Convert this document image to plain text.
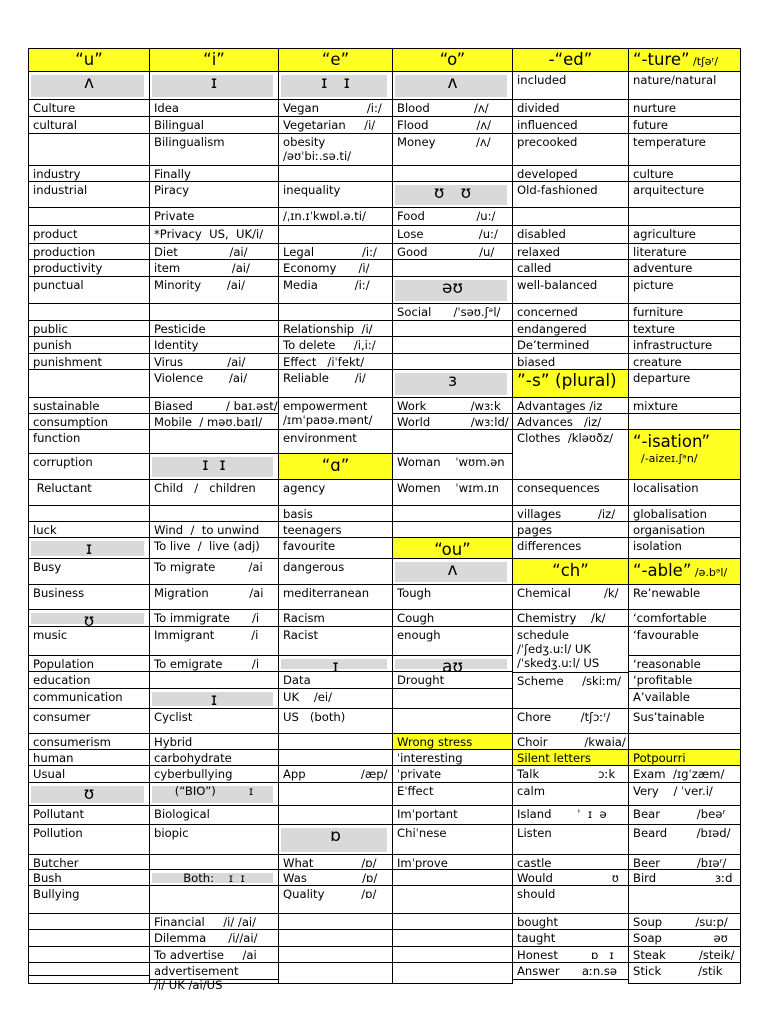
“u”
ʌ
Culture
cultural
industry
industrial
product
production
productivity
punctual
public
punish
punishment
sustainable
consumption
function
corruption
Reluctant
luck
ɪ
Busy
Business
ʊ
music
Population
education
communication
consumer
consumerism
human
Usual
ʊ
Pollutant
Pollution
Butcher
Bush
Bullying
“i”
ɪ
Idea
Bilingual
Bilingualism
Finally
Piracy
Private
*Privacy  US,  UK/i/
Diet              /ai/
item              /ai/
Minority       /ai/
Pesticide
Identity
Virus            /ai/
Violence       /ai/
Biased         / baɪ.əst/
Mobile  / məʊ.baɪl/
ɪ  ɪ
Child   /   children
Wind  /  to unwind
To live  /  live (adj)
To migrate         /ai
Migration           /ai
To immigrate      /i
Immigrant          /i
To emigrate        /i
ɪ
Cyclist
Hybrid
carbohydrate
cyberbullying
(“BIO”)         ɪ
Biological
biopic
Both:    ɪ  ɪ
Financial     /i/ /ai/
Dilemma      /i//ai/
To advertise     /ai
advertisement
/i/ UK /ai/US
“e”
ɪ   ɪ
Vegan             /i:/
Vegetarian     /i/
obesity
/əʊˈbiː.sə.ti/
inequality
/ˌɪn.ɪˈkwɒl.ə.ti/
Legal             /i:/
Economy      /i/
Media          /i:/
Relationship  /i/
To delete     /i,i:/
Effect   /iˈfekt/
Reliable       /i/
empowerment
/ɪmˈpaʊə.mənt/
environment
“ɑ”
agency
basis
teenagers
favourite
dangerous
mediterranean
Racism
Racist
ɪ
Data
UK    /ei/
US   (both)
App               /æp/
ɒ
What             /ɒ/
Was               /ɒ/
Quality          /ɒ/
“o”
ʌ
Blood            /ʌ/
Flood             /ʌ/
Money           /ʌ/
ʊ   ʊ
Food              /u:/
Lose               /u:/
Good              /u/
əʊ
Social      /ˈsəʊ.ʃᵊl/
ɜ
Work            /wɜːk
World           /wɜːld/
Woman    ˈwʊm.ən
Women    ˈwɪm.ɪn
“ou”
ʌ
Tough
Cough
enough
aʊ
Drought
Wrong stress
ˈinteresting
ˈprivate
Eˈffect
Imˈportant
Chiˈnese
Imˈprove
-“ed”
included
divided
influenced
precooked
developed
Old-fashioned
disabled
relaxed
called
well-balanced
concerned
endangered
De’termined
biased
”-s” (plural)
Advantages /iz
Advances   /iz/
Clothes  /kləʊðz/
consequences
villages          /iz/
pages
differences
“ch”
Chemical         /k/
Chemistry    /k/
schedule
/ˈʃedʒ.uːl/ UK
/ˈskedʒ.uːl/ US
Scheme     /skiːm/
Chore        /tʃɔːʳ/
Choir          /kwaia/
Silent letters
Talk                ɔːk
calm
Island       ˈ  ɪ  ə
Listen
castle
Would                ʊ
should
bought
taught
Honest         ɒ   ɪ
Answer      aːn.sə
“-ture” /tʃəʳ/
nature/natural
nurture
future
temperature
culture
arquitecture
agriculture
literature
adventure
picture
furniture
texture
infrastructure
creature
departure
mixture
“-isation”
/-aizeɪ.ʃᵊn/
localisation
globalisation
organisation
isolation
“-able” /ə.bᵊl/
Re’newable
‘comfortable
‘favourable
‘reasonable
‘profitable
A’vailable
Sus’tainable
Potpourri
Exam  /ɪgˈzæm/
Very    / ˈver.i/
Bear          /beəʳ
Beard        /bɪəd/
Beer          /bɪəʳ/
Bird                ɜːd
Soup         /suːp/
Soap              əʊ
Steak         /steik/
Stick          /stik
